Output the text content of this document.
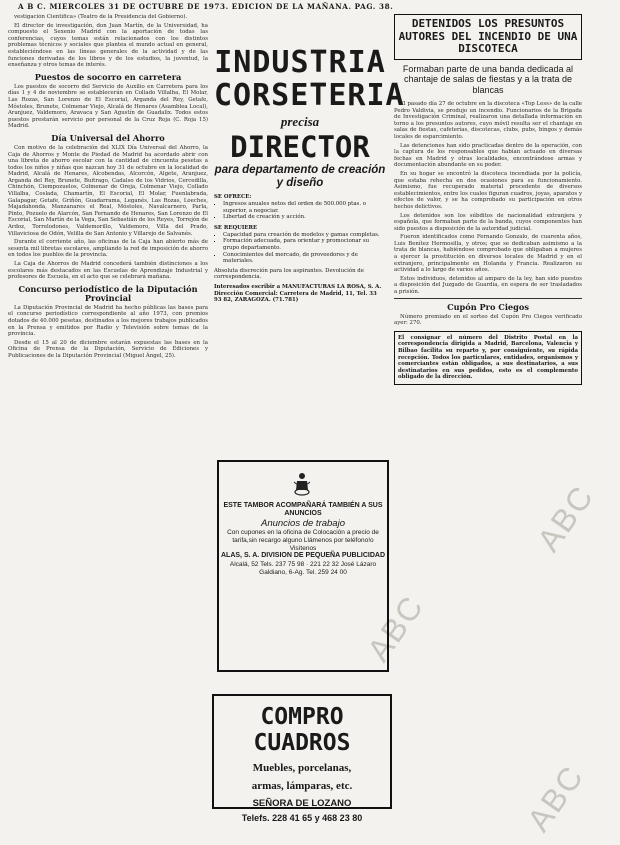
A B C. MIERCOLES 31 DE OCTUBRE DE 1973. EDICION DE LA MAÑANA. PAG. 38.
ABC
ABC
ABC

vestigación Científica» (Teatro de la Presidencia del Gobierno).

El director de investigación, don Juan Martín, de la Universidad, ha compuesto el Sexenio Madrid con la aportación de todas las conferencias, cuyos temas están relacionados con los distintos problemas técnicos y sociales que plantea el mundo actual en general, estableciéndose en las líneas generales de la actividad y de las funciones derivadas de los libros y de los estudios, la juventud, la enseñanza y otros temas de interés.

Puestos de socorro en carretera

Los puestos de socorro del Servicio de Auxilio en Carretera para los días 1 y 4 de noviembre se establecerán en Collado Villalba, El Molar, Las Rozas, San Lorenzo de El Escorial, Arganda del Rey, Getafe, Móstoles, Brunete, Colmenar Viejo, Alcalá de Henares (Asamblea Local), Aranjuez, Valdemoro, Aravaca y San Agustín de Guadalix. Todos estos puestos prestarán servicio por personal de la Cruz Roja (C. Roja 15) Madrid.

Día Universal del Ahorro

Con motivo de la celebración del XLIX Día Universal del Ahorro, la Caja de Ahorros y Monte de Piedad de Madrid ha acordado abrir con una libreta de ahorro escolar con la cantidad de cincuenta pesetas a todos los niños y niñas que nazcan hoy 31 de octubre en la localidad de Madrid, Alcalá de Henares, Alcobendas, Alcorcón, Algete, Aranjuez, Arganda del Rey, Brunete, Buitrago, Cadalso de los Vidrios, Cercedilla, Chinchón, Ciempozuelos, Colmenar de Oreja, Colmenar Viejo, Collado Villalba, Coslada, Chamartín, El Escorial, El Molar, Fuenlabrada, Galapagar, Getafe, Griñón, Guadarrama, Leganés, Las Rozas, Loeches, Majadahonda, Manzanares el Real, Móstoles, Navalcarnero, Parla, Pinto, Pozuelo de Alarcón, San Fernando de Henares, San Lorenzo de El Escorial, San Martín de la Vega, San Sebastián de los Reyes, Torrejón de Ardoz, Torrelodones, Valdemorillo, Valdemoro, Villa del Prado, Villaviciosa de Odón, Velilla de San Antonio y Villarejo de Salvanés.

Durante el corriente año, las oficinas de la Caja han abierto más de sesenta mil libretas escolares, ampliando la red de imposición de ahorro en todos los pueblos de la provincia.

La Caja de Ahorros de Madrid concederá también distinciones a los escolares más destacados en las Escuelas de Aprendizaje Industrial y profesores de Escuela, en el acto que se celebrará mañana.

Concurso periodístico de la Diputación Provincial

La Diputación Provincial de Madrid ha hecho públicas las bases para el concurso periodístico correspondiente al año 1973, con premios dotados de 40.000 pesetas, destinados a los mejores trabajos publicados en la Prensa y emitidos por Radio y Televisión sobre temas de la provincia.

Desde el 15 al 20 de diciembre estarán expuestas las bases en la Oficina de Prensa de la Diputación, Servicio de Ediciones y Publicaciones de la Diputación Provincial (Miguel Ángel, 25).

INDUSTRIA
CORSETERIA
precisa
DIRECTOR
para departamento de creación y diseño
SE OFRECE:
▪ Ingresos anuales netos del orden de 500.000 ptas. o superior, a negociar.
▪ Libertad de creación y acción.
SE REQUIERE
▪ Capacidad para creación de modelos y gamas completas.
▪ Formación adecuada, para orientar y promocionar su grupo departamento.
▪ Conocimientos del mercado, de proveedores y de materiales.
Absoluta discreción para los aspirantes. Devolución de correspondencia.
Interesados escribir a MANUFACTURAS LA ROSA, S. A. Dirección Comercial: Carretera de Madrid, 11, Tel. 33 93 82, ZARAGOZA. (71.781)
ESTE TAMBOR ACOMPAÑARÁ TAMBIÉN A SUS ANUNCIOS
Anuncios de trabajo
Con cupones en la oficina de Colocación a precio de tarifa,sin recargo alguno Llámenos por teléfono!o Visítenos
ALAS, S. A. DIVISION DE PEQUEÑA PUBLICIDAD
Alcalá, 52 Tels. 237 75 98 · 221 22 32 José Lázaro Galdiano, 6-Ag. Tel. 259 24 00
COMPRO CUADROS
Muebles, porcelanas,
armas, lámparas, etc.
SEÑORA DE LOZANO
Telefs. 228 41 65 y 468 23 80
DETENIDOS LOS PRESUNTOS AUTORES DEL INCENDIO DE UNA DISCOTECA
Formaban parte de una banda dedicada al chantaje de salas de fiestas y a la trata de blancas

El pasado día 27 de octubre en la discoteca «Top Less» de la calle Pedro Valdivia, se produjo un incendio. Funcionarios de la Brigada de Investigación Criminal, realizaron una detallada información en torno a los presuntos autores, cuyo móvil resulta ser el chantaje en salas de fiestas, cafeterías, discotecas, clubs, pubs, bingos y demás locales de esparcimiento.

Las detenciones han sido practicadas dentro de la operación, con la captura de los responsables que habían actuado en diversas fechas en Madrid y otras localidades, encontrándose armas y documentación abundante en su poder.

En su hogar se encontró la discoteca incendiada por la policía, que estaba rehecha en dos ocasiones para su funcionamiento. Asimismo, fue recuperado material procedente de diversos establecimientos, entre los cuales figuran cuadros, joyas, aparatos y efectos de valor, y se ha comprobado su participación en otros hechos delictivos.

Los detenidos son los súbditos de nacionalidad extranjera y española, que formaban parte de la banda, cuyos componentes han sido puestos a disposición de la autoridad judicial.

Fueron identificados como Fernando Gonzalo, de cuarenta años, Luis Benítez Hermosilla, y otros; que se dedicaban asimismo a la trata de blancas, habiéndose comprobado que obligaban a mujeres a ejercer la prostitución en diversos locales de Madrid y en el extranjero, principalmente en Holanda y Francia. Realizaron su actividad a lo largo de varios años.

Estos individuos, detenidos al amparo de la ley, han sido puestos a disposición del Juzgado de Guardia, en espera de ser trasladados a prisión.

Cupón Pro Ciegos

Número premiado en el sorteo del Cupón Pro Ciegos verificado ayer: 270.

El consignar el número del Distrito Postal en la correspondencia dirigida a Madrid, Barcelona, Valencia y Bilbao facilita su reparto y, por consiguiente, su rápida recepción. Todos los particulares, entidades, organismos y comerciantes están obligados, a sus destinatarios, a sus destinatarios en sus pedidos, esto es el complemento obligado de la dirección.
